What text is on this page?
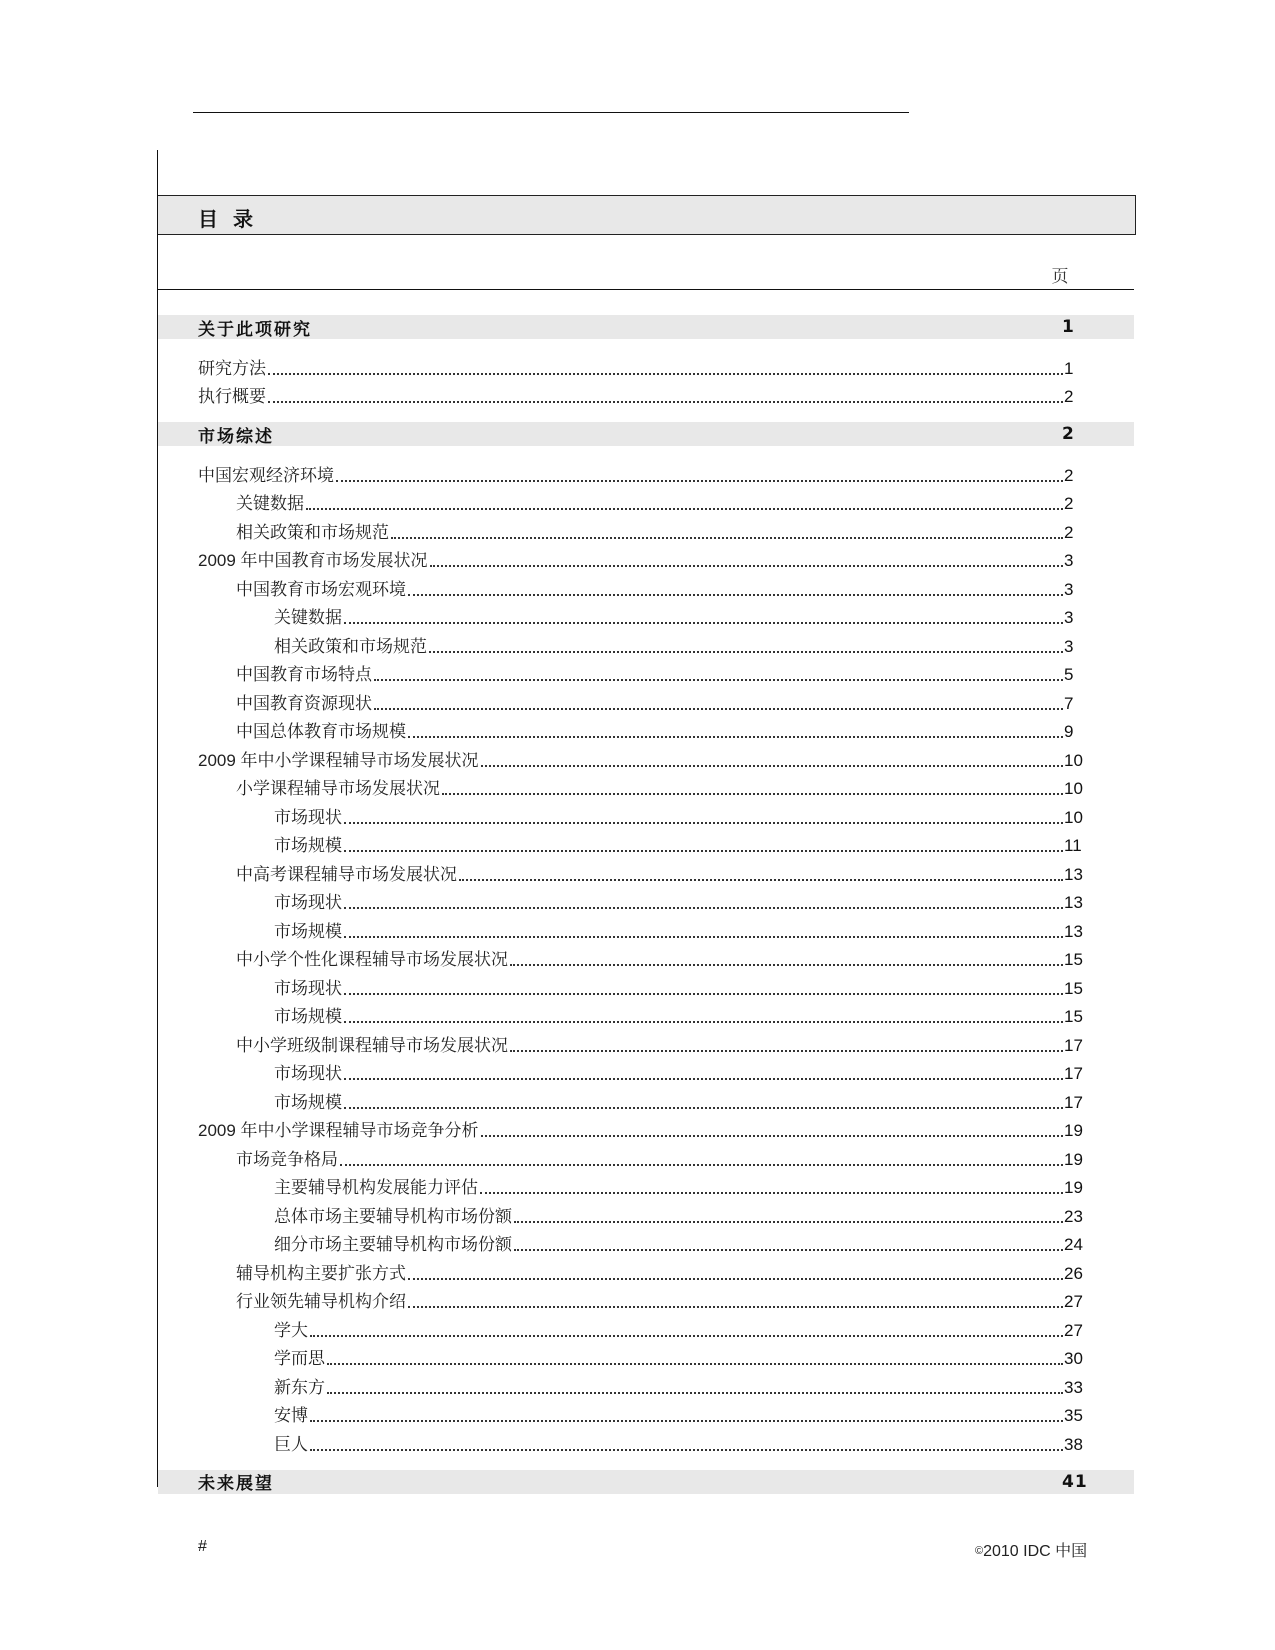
目 录
页
关于此项研究	1
研究方法	1
执行概要	2
市场综述	2
中国宏观经济环境	2
关键数据	2
相关政策和市场规范	2
2009 年中国教育市场发展状况	3
中国教育市场宏观环境	3
关键数据	3
相关政策和市场规范	3
中国教育市场特点	5
中国教育资源现状	7
中国总体教育市场规模	9
2009 年中小学课程辅导市场发展状况	10
小学课程辅导市场发展状况	10
市场现状	10
市场规模	11
中高考课程辅导市场发展状况	13
市场现状	13
市场规模	13
中小学个性化课程辅导市场发展状况	15
市场现状	15
市场规模	15
中小学班级制课程辅导市场发展状况	17
市场现状	17
市场规模	17
2009 年中小学课程辅导市场竞争分析	19
市场竞争格局	19
主要辅导机构发展能力评估	19
总体市场主要辅导机构市场份额	23
细分市场主要辅导机构市场份额	24
辅导机构主要扩张方式	26
行业领先辅导机构介绍	27
学大	27
学而思	30
新东方	33
安博	35
巨人	38
未来展望	41
#	©2010 IDC 中国
